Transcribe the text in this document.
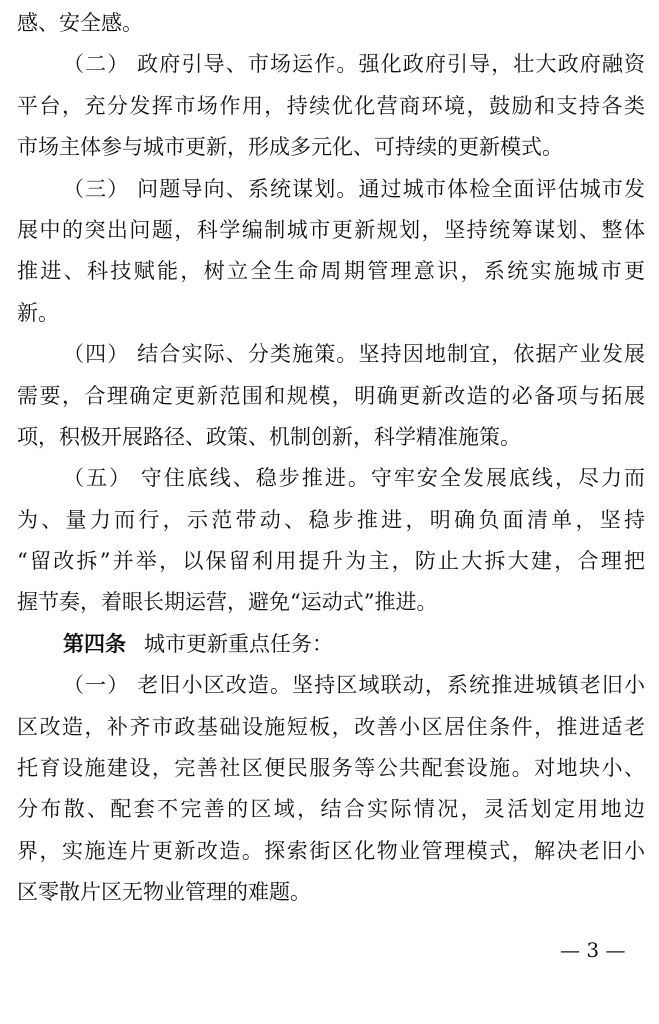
感、安全感。
（二） 政府引导、市场运作。强化政府引导，壮大政府融资
平台，充分发挥市场作用，持续优化营商环境，鼓励和支持各类
市场主体参与城市更新，形成多元化、可持续的更新模式。
（三） 问题导向、系统谋划。通过城市体检全面评估城市发
展中的突出问题，科学编制城市更新规划，坚持统筹谋划、整体
推进、科技赋能，树立全生命周期管理意识，系统实施城市更
新。
（四） 结合实际、分类施策。坚持因地制宜，依据产业发展
需要，合理确定更新范围和规模，明确更新改造的必备项与拓展
项，积极开展路径、政策、机制创新，科学精准施策。
（五） 守住底线、稳步推进。守牢安全发展底线，尽力而
为、量力而行，示范带动、稳步推进，明确负面清单，坚持
“留改拆”并举，以保留利用提升为主，防止大拆大建，合理把
握节奏，着眼长期运营，避免“运动式”推进。
第四条 城市更新重点任务：
（一） 老旧小区改造。坚持区域联动，系统推进城镇老旧小
区改造，补齐市政基础设施短板，改善小区居住条件，推进适老
托育设施建设，完善社区便民服务等公共配套设施。对地块小、
分布散、配套不完善的区域，结合实际情况，灵活划定用地边
界，实施连片更新改造。探索街区化物业管理模式，解决老旧小
区零散片区无物业管理的难题。
— 3 —
